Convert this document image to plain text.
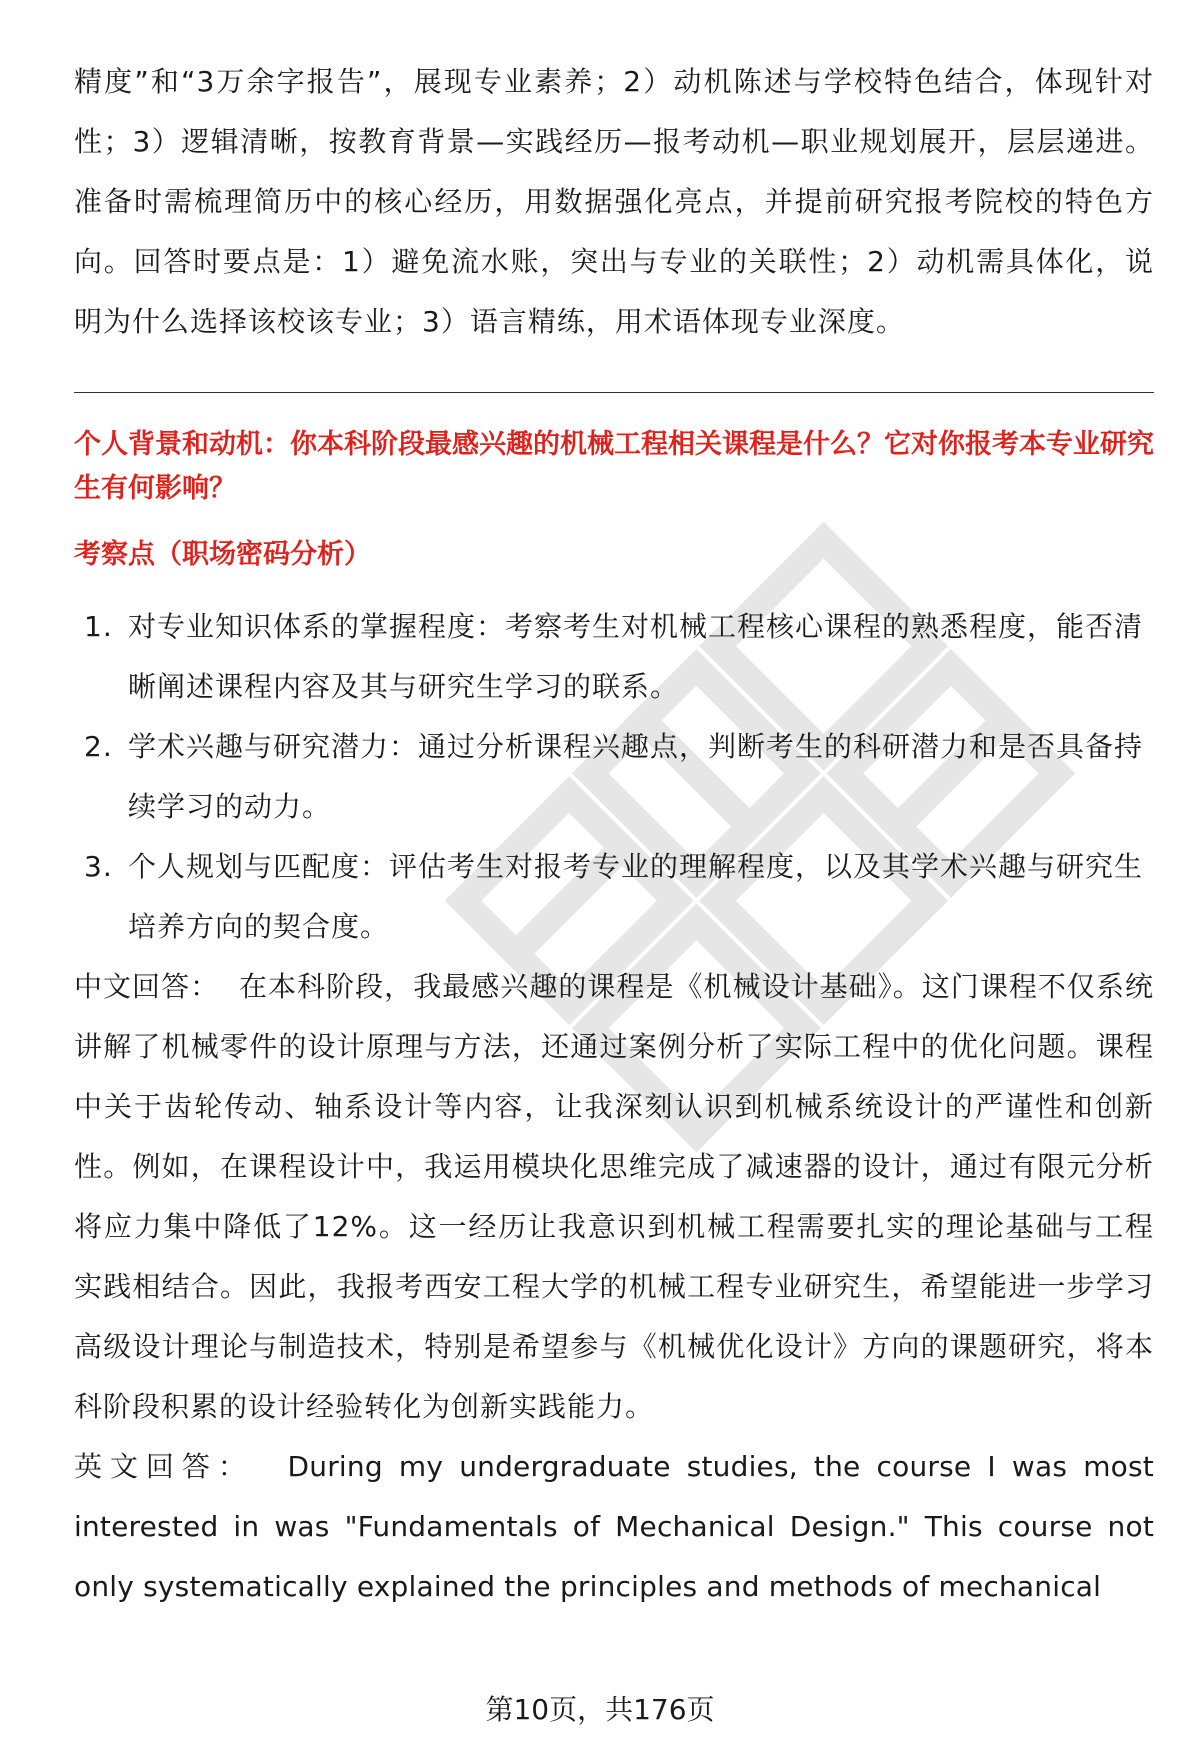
精度”和“3万余字报告”，展现专业素养；2）动机陈述与学校特色结合，体现针对性；3）逻辑清晰，按教育背景—实践经历—报考动机—职业规划展开，层层递进。准备时需梳理简历中的核心经历，用数据强化亮点，并提前研究报考院校的特色方向。回答时要点是：1）避免流水账，突出与专业的关联性；2）动机需具体化，说明为什么选择该校该专业；3）语言精练，用术语体现专业深度。

个人背景和动机：你本科阶段最感兴趣的机械工程相关课程是什么？它对你报考本专业研究生有何影响？
考察点（职场密码分析）
1. 对专业知识体系的掌握程度：考察考生对机械工程核心课程的熟悉程度，能否清晰阐述课程内容及其与研究生学习的联系。
2. 学术兴趣与研究潜力：通过分析课程兴趣点，判断考生的科研潜力和是否具备持续学习的动力。
3. 个人规划与匹配度：评估考生对报考专业的理解程度，以及其学术兴趣与研究生培养方向的契合度。

中文回答： 在本科阶段，我最感兴趣的课程是《机械设计基础》。这门课程不仅系统讲解了机械零件的设计原理与方法，还通过案例分析了实际工程中的优化问题。课程中关于齿轮传动、轴系设计等内容，让我深刻认识到机械系统设计的严谨性和创新性。例如，在课程设计中，我运用模块化思维完成了减速器的设计，通过有限元分析将应力集中降低了12%。这一经历让我意识到机械工程需要扎实的理论基础与工程实践相结合。因此，我报考西安工程大学的机械工程专业研究生，希望能进一步学习高级设计理论与制造技术，特别是希望参与《机械优化设计》方向的课题研究，将本科阶段积累的设计经验转化为创新实践能力。

英文回答： During my undergraduate studies, the course I was most interested in was "Fundamentals of Mechanical Design." This course not only systematically explained the principles and methods of mechanical

第10页，共176页
